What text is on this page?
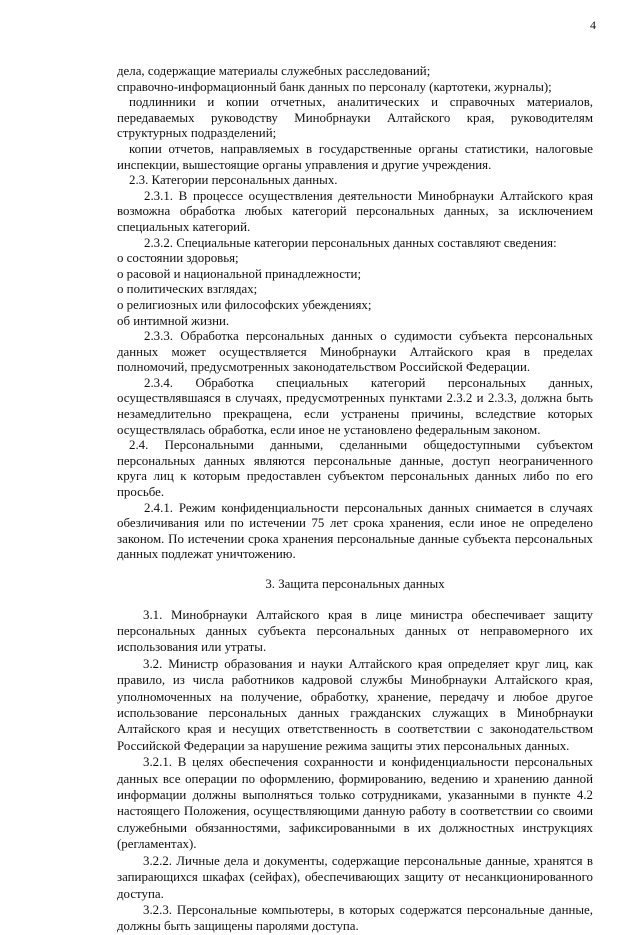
4

дела, содержащие материалы служебных расследований;

справочно-информационный банк данных по персоналу (картотеки, журналы);

подлинники и копии отчетных, аналитических и справочных материалов, передаваемых руководству Минобрнауки Алтайского края, руководителям структурных подразделений;

копии отчетов, направляемых в государственные органы статистики, налоговые инспекции, вышестоящие органы управления и другие учреждения.

2.3. Категории персональных данных.

2.3.1. В процессе осуществления деятельности Минобрнауки Алтайского края возможна обработка любых категорий персональных данных, за исключением специальных категорий.

2.3.2. Специальные категории персональных данных составляют сведения:

о состоянии здоровья;

о расовой и национальной принадлежности;

о политических взглядах;

о религиозных или философских убеждениях;

об интимной жизни.

2.3.3. Обработка персональных данных о судимости субъекта персональных данных может осуществляется Минобрнауки Алтайского края в пределах полномочий, предусмотренных законодательством Российской Федерации.

2.3.4. Обработка специальных категорий персональных данных, осуществлявшаяся в случаях, предусмотренных пунктами 2.3.2 и 2.3.3, должна быть незамедлительно прекращена, если устранены причины, вследствие которых осуществлялась обработка, если иное не установлено федеральным законом.

2.4. Персональными данными, сделанными общедоступными субъектом персональных данных являются персональные данные, доступ неограниченного круга лиц к которым предоставлен субъектом персональных данных либо по его просьбе.

2.4.1. Режим конфиденциальности персональных данных снимается в случаях обезличивания или по истечении 75 лет срока хранения, если иное не определено законом. По истечении срока хранения персональные данные субъекта персональных данных подлежат уничтожению.

3. Защита персональных данных

3.1. Минобрнауки Алтайского края в лице министра обеспечивает защиту персональных данных субъекта персональных данных от неправомерного их использования или утраты.

3.2. Министр образования и науки Алтайского края определяет круг лиц, как правило, из числа работников кадровой службы Минобрнауки Алтайского края, уполномоченных на получение, обработку, хранение, передачу и любое другое использование персональных данных гражданских служащих в Минобрнауки Алтайского края и несущих ответственность в соответствии с законодательством Российской Федерации за нарушение режима защиты этих персональных данных.

3.2.1. В целях обеспечения сохранности и конфиденциальности персональных данных все операции по оформлению, формированию, ведению и хранению данной информации должны выполняться только сотрудниками, указанными в пункте 4.2 настоящего Положения, осуществляющими данную работу в соответствии со своими служебными обязанностями, зафиксированными в их должностных инструкциях (регламентах).

3.2.2. Личные дела и документы, содержащие персональные данные, хранятся в запирающихся шкафах (сейфах), обеспечивающих защиту от несанкционированного доступа.

3.2.3. Персональные компьютеры, в которых содержатся персональные данные, должны быть защищены паролями доступа.
